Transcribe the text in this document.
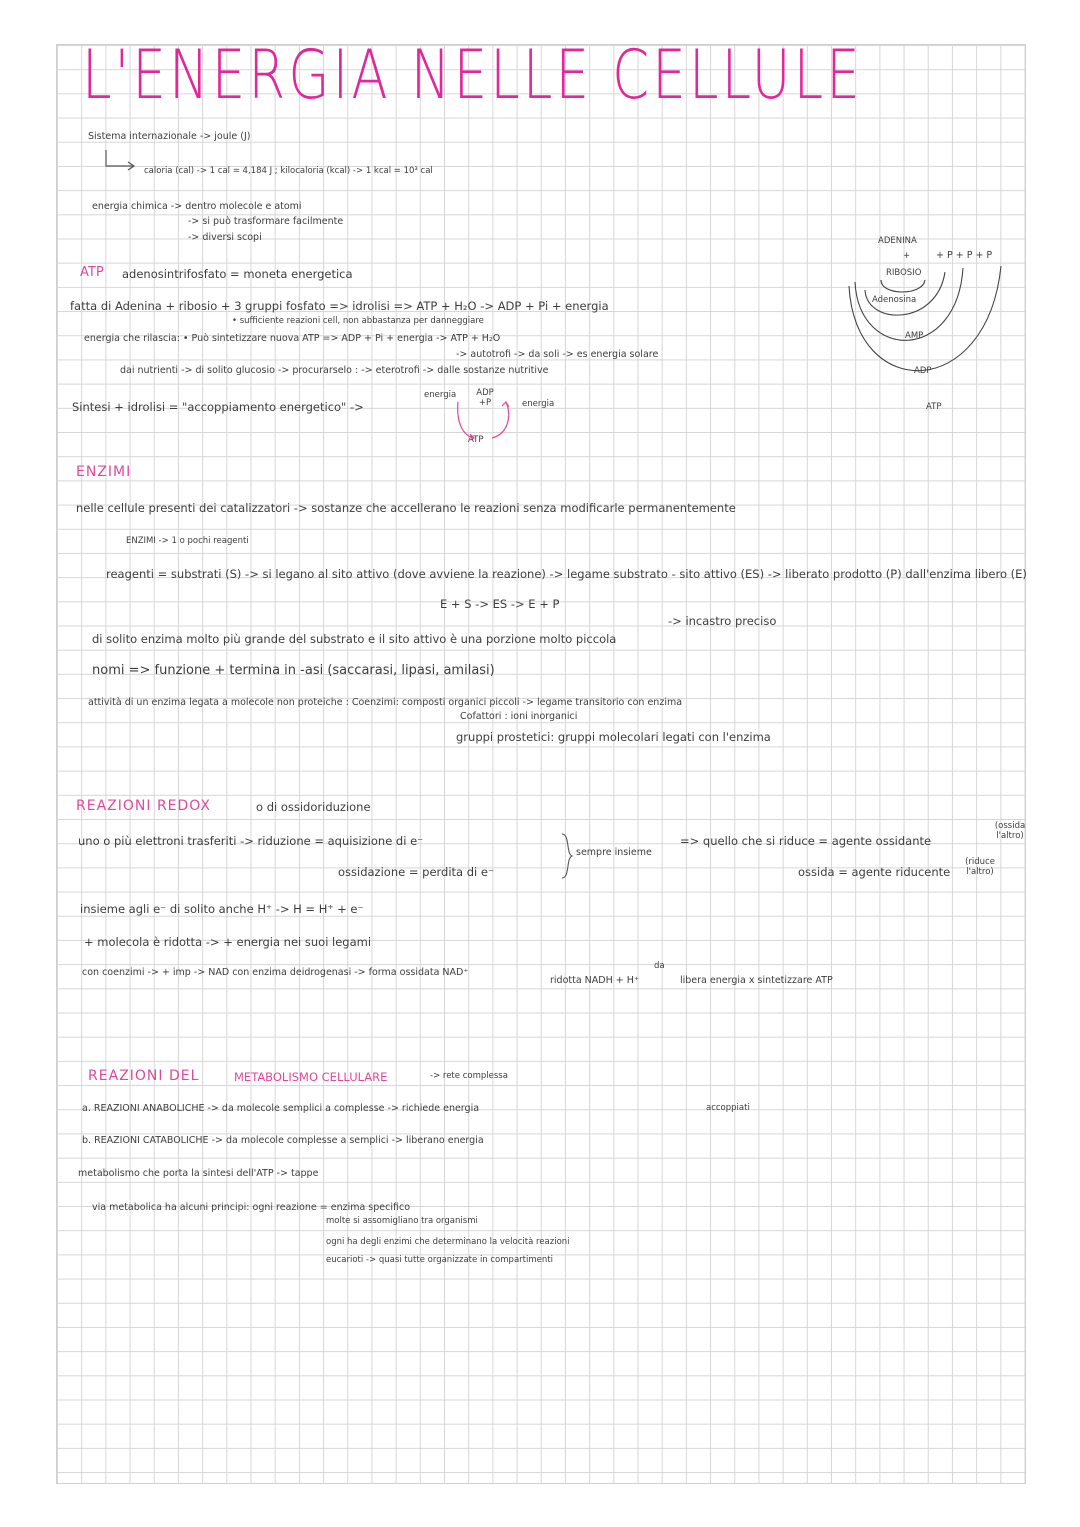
L'ENERGIA NELLE CELLULE
Sistema internazionale -> joule (J)
caloria (cal) -> 1 cal = 4,184 J ; kilocaloria (kcal) -> 1 kcal = 10³ cal
energia chimica -> dentro molecole e atomi
-> si può trasformare facilmente
-> diversi scopi
ATP adenosintrifosfato = moneta energetica
fatta di Adenina + ribosio + 3 gruppi fosfato => idrolisi => ATP + H₂O -> ADP + Pi + energia
• sufficiente reazioni cell, non abbastanza per danneggiare
energia che rilascia: • Può sintetizzare nuova ATP => ADP + Pi + energia -> ATP + H₂O
-> autotrofi -> da soli -> es energia solare
dai nutrienti -> di solito glucosio -> procurarselo : -> eterotrofi -> dalle sostanze nutritive
Sintesi + idrolisi = "accoppiamento energetico" ->
energia	ADP +P
ATP
energia
ADENINA
+	+ P + P + P
RIBOSIO
Adenosina
AMP
ADP
ATP
ENZIMI
nelle cellule presenti dei catalizzatori -> sostanze che accellerano le reazioni senza modificarle permanentemente
ENZIMI -> 1 o pochi reagenti
reagenti = substrati (S) -> si legano al sito attivo (dove avviene la reazione) -> legame substrato - sito attivo (ES) -> liberato prodotto (P) dall'enzima libero (E)
E + S -> ES -> E + P
-> incastro preciso
di solito enzima molto più grande del substrato e il sito attivo è una porzione molto piccola
nomi => funzione + termina in -asi (saccarasi, lipasi, amilasi)
attività di un enzima legata a molecole non proteiche : Coenzimi: composti organici piccoli -> legame transitorio con enzima
Cofattori : ioni inorganici
gruppi prostetici: gruppi molecolari legati con l'enzima
REAZIONI REDOX	o di ossidoriduzione
uno o più elettroni trasferiti -> riduzione = aquisizione di e⁻
ossidazione = perdita di e⁻
sempre insieme
=> quello che si riduce = agente ossidante
(ossida l'altro)
ossida = agente riducente
(riduce l'altro)
insieme agli e⁻ di solito anche H⁺ -> H = H⁺ + e⁻
+ molecola è ridotta -> + energia nei suoi legami
con coenzimi -> + imp -> NAD con enzima deidrogenasi -> forma ossidata NAD⁺
da
ridotta NADH + H⁺	libera energia x sintetizzare ATP
REAZIONI DEL	METABOLISMO CELLULARE	-> rete complessa
a. REAZIONI ANABOLICHE -> da molecole semplici a complesse -> richiede energia	accoppiati
b. REAZIONI CATABOLICHE -> da molecole complesse a semplici -> liberano energia
metabolismo che porta la sintesi dell'ATP -> tappe
via metabolica ha alcuni principi: ogni reazione = enzima specifico
molte si assomigliano tra organismi
ogni ha degli enzimi che determinano la velocità reazioni
eucarioti -> quasi tutte organizzate in compartimenti
